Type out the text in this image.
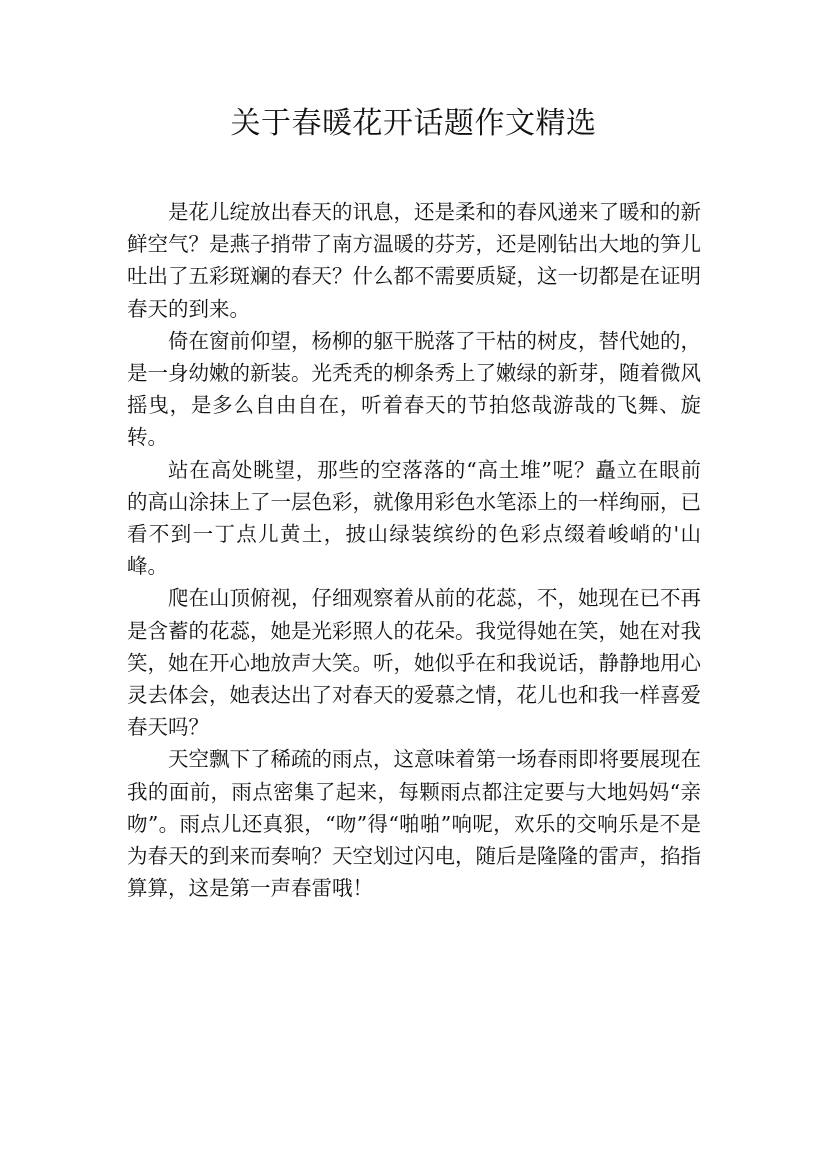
关于春暖花开话题作文精选

是花儿绽放出春天的讯息，还是柔和的春风递来了暖和的新鲜空气？是燕子捎带了南方温暖的芬芳，还是刚钻出大地的笋儿吐出了五彩斑斓的春天？什么都不需要质疑，这一切都是在证明春天的到来。

倚在窗前仰望，杨柳的躯干脱落了干枯的树皮，替代她的，是一身幼嫩的新装。光秃秃的柳条秀上了嫩绿的新芽，随着微风摇曳，是多么自由自在，听着春天的节拍悠哉游哉的飞舞、旋转。

站在高处眺望，那些的空落落的“高土堆”呢？矗立在眼前的高山涂抹上了一层色彩，就像用彩色水笔添上的一样绚丽，已看不到一丁点儿黄土，披山绿装缤纷的色彩点缀着峻峭的'山峰。

爬在山顶俯视，仔细观察着从前的花蕊，不，她现在已不再是含蓄的花蕊，她是光彩照人的花朵。我觉得她在笑，她在对我笑，她在开心地放声大笑。听，她似乎在和我说话，静静地用心灵去体会，她表达出了对春天的爱慕之情，花儿也和我一样喜爱春天吗？

天空飘下了稀疏的雨点，这意味着第一场春雨即将要展现在我的面前，雨点密集了起来，每颗雨点都注定要与大地妈妈“亲吻”。雨点儿还真狠，“吻”得“啪啪”响呢，欢乐的交响乐是不是为春天的到来而奏响？天空划过闪电，随后是隆隆的雷声，掐指算算，这是第一声春雷哦！
